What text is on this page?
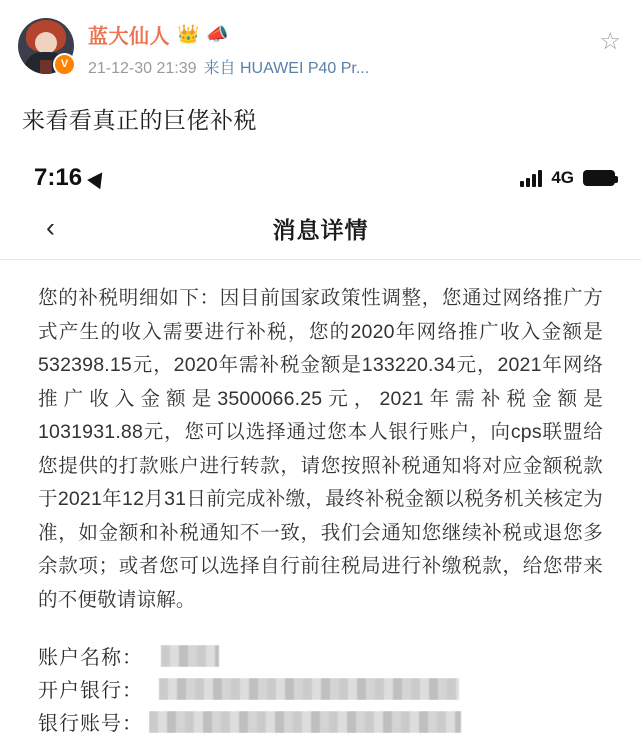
V
蓝大仙人 👑 📣
21-12-30 21:39 来自 HUAWEI P40 Pr...
☆
来看看真正的巨佬补税
7:16	4G
‹	消息详情
您的补税明细如下：因目前国家政策性调整，您通过网络推广方式产生的收入需要进行补税，您的2020年网络推广收入金额是532398.15元，2020年需补税金额是133220.34元，2021年网络推广收入金额是3500066.25元，2021年需补税金额是1031931.88元，您可以选择通过您本人银行账户，向cps联盟给您提供的打款账户进行转款，请您按照补税通知将对应金额税款于2021年12月31日前完成补缴，最终补税金额以税务机关核定为准，如金额和补税通知不一致，我们会通知您继续补税或退您多余款项；或者您可以选择自行前往税局进行补缴税款，给您带来的不便敬请谅解。
账户名称：
开户银行：
银行账号：
